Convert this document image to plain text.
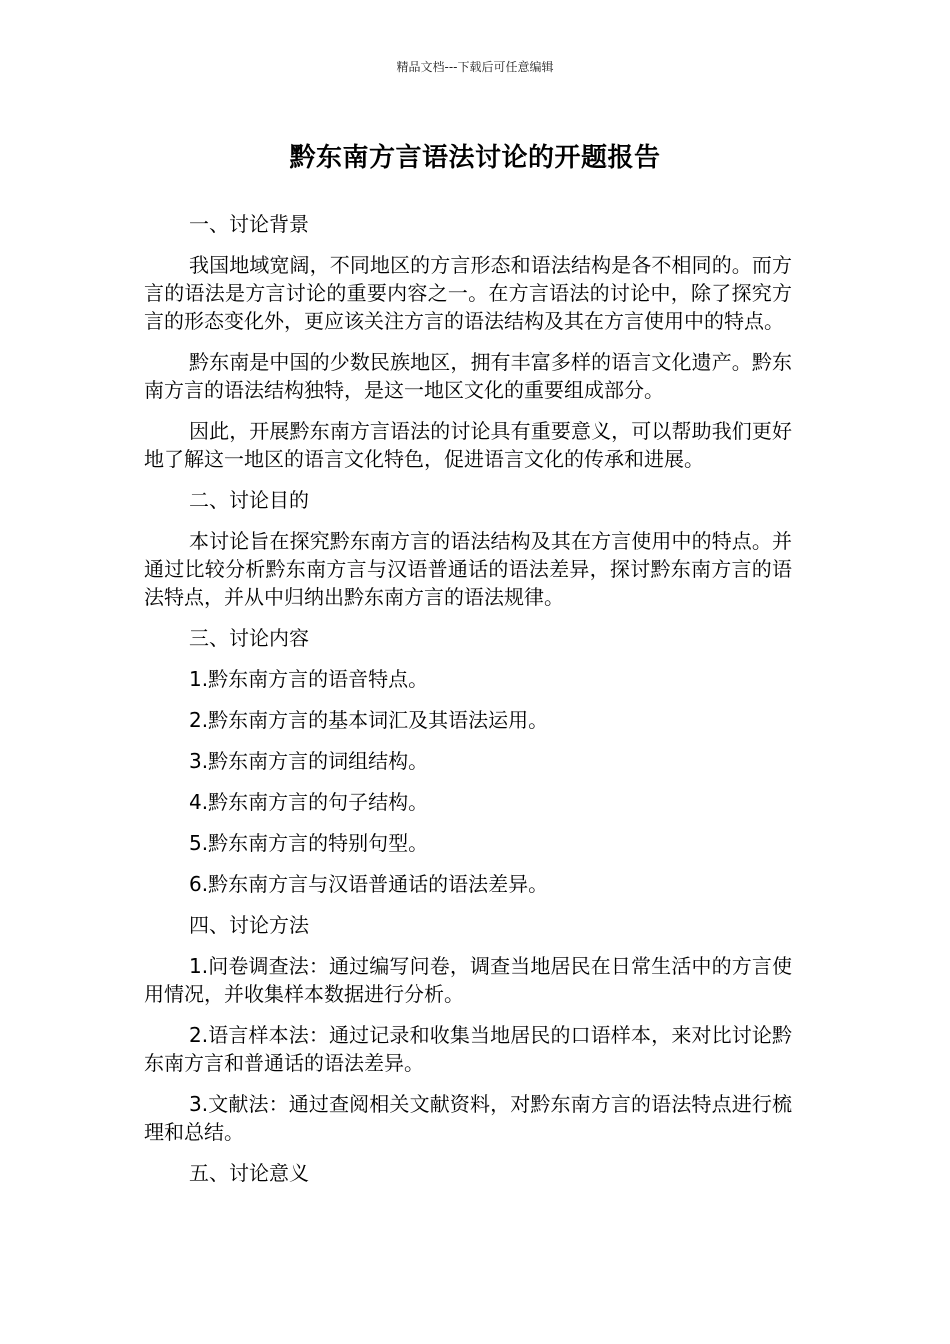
精品文档---下载后可任意编辑
黔东南方言语法讨论的开题报告

一、讨论背景

我国地域宽阔，不同地区的方言形态和语法结构是各不相同的。而方言的语法是方言讨论的重要内容之一。在方言语法的讨论中，除了探究方言的形态变化外，更应该关注方言的语法结构及其在方言使用中的特点。

黔东南是中国的少数民族地区，拥有丰富多样的语言文化遗产。黔东南方言的语法结构独特，是这一地区文化的重要组成部分。

因此，开展黔东南方言语法的讨论具有重要意义，可以帮助我们更好地了解这一地区的语言文化特色，促进语言文化的传承和进展。

二、讨论目的

本讨论旨在探究黔东南方言的语法结构及其在方言使用中的特点。并通过比较分析黔东南方言与汉语普通话的语法差异，探讨黔东南方言的语法特点，并从中归纳出黔东南方言的语法规律。

三、讨论内容

1.黔东南方言的语音特点。

2.黔东南方言的基本词汇及其语法运用。

3.黔东南方言的词组结构。

4.黔东南方言的句子结构。

5.黔东南方言的特别句型。

6.黔东南方言与汉语普通话的语法差异。

四、讨论方法

1.问卷调查法：通过编写问卷，调查当地居民在日常生活中的方言使用情况，并收集样本数据进行分析。

2.语言样本法：通过记录和收集当地居民的口语样本，来对比讨论黔东南方言和普通话的语法差异。

3.文献法：通过查阅相关文献资料，对黔东南方言的语法特点进行梳理和总结。

五、讨论意义
